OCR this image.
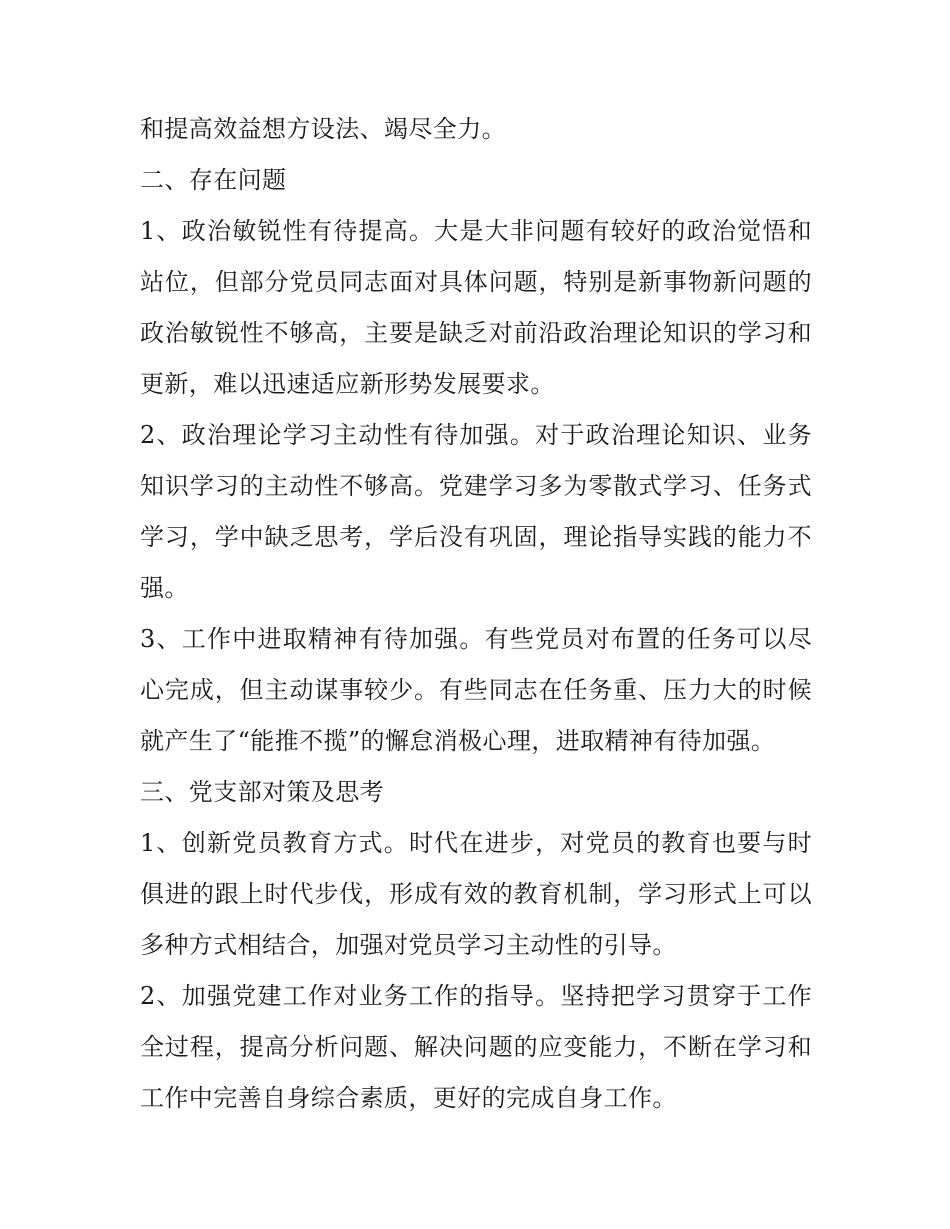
和提高效益想方设法、竭尽全力。

二、存在问题

1、政治敏锐性有待提高。大是大非问题有较好的政治觉悟和站位，但部分党员同志面对具体问题，特别是新事物新问题的政治敏锐性不够高，主要是缺乏对前沿政治理论知识的学习和更新，难以迅速适应新形势发展要求。

2、政治理论学习主动性有待加强。对于政治理论知识、业务知识学习的主动性不够高。党建学习多为零散式学习、任务式学习，学中缺乏思考，学后没有巩固，理论指导实践的能力不强。

3、工作中进取精神有待加强。有些党员对布置的任务可以尽心完成，但主动谋事较少。有些同志在任务重、压力大的时候就产生了“能推不揽”的懈怠消极心理，进取精神有待加强。

三、党支部对策及思考

1、创新党员教育方式。时代在进步，对党员的教育也要与时俱进的跟上时代步伐，形成有效的教育机制，学习形式上可以多种方式相结合，加强对党员学习主动性的引导。

2、加强党建工作对业务工作的指导。坚持把学习贯穿于工作全过程，提高分析问题、解决问题的应变能力，不断在学习和工作中完善自身综合素质，更好的完成自身工作。
